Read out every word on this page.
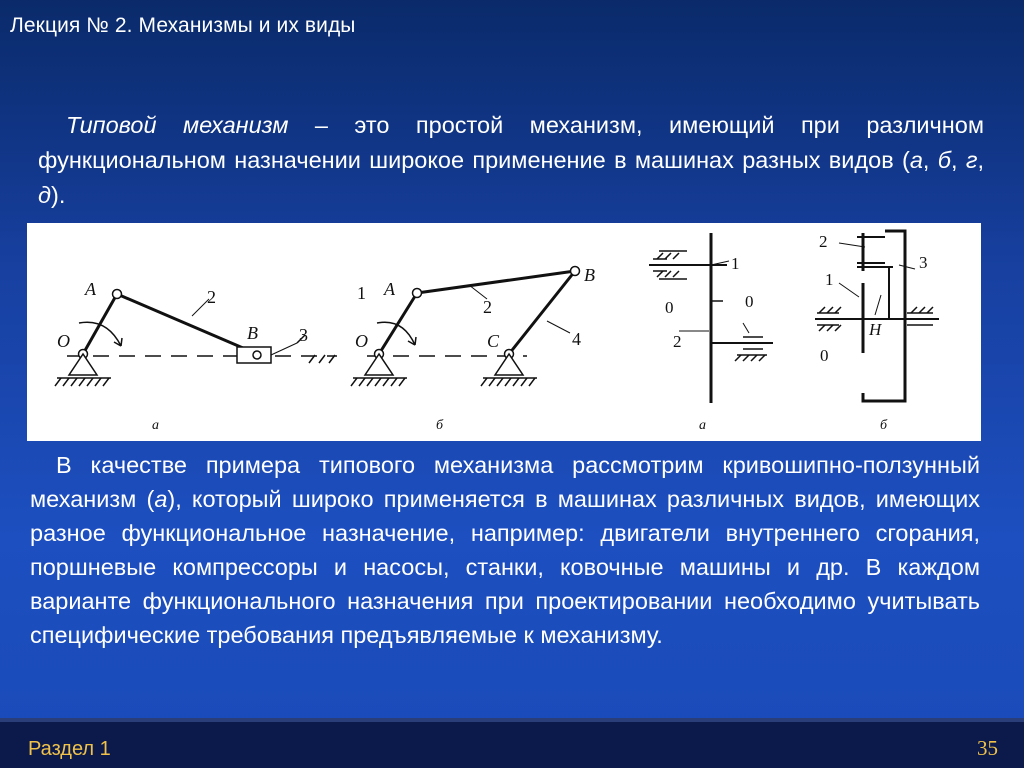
Лекция № 2. Механизмы и их виды
Типовой механизм – это простой механизм, имеющий при различном функциональном назначении широкое применение в машинах разных видов (а, б, г, д).
A
O	B
2
3
а
1 A
O	C
B
2
4
б
1
0	0
2
а
2
3
1
H
0
б
В качестве примера типового механизма рассмотрим кривошипно-ползунный механизм (а), который широко применяется в машинах различных видов, имеющих разное функциональное назначение, например: двигатели внутреннего сгорания, поршневые компрессоры и насосы, станки, ковочные машины и др. В каждом варианте функционального назначения при проектировании необходимо учитывать специфические требования предъявляемые к механизму.
Раздел 1	35
